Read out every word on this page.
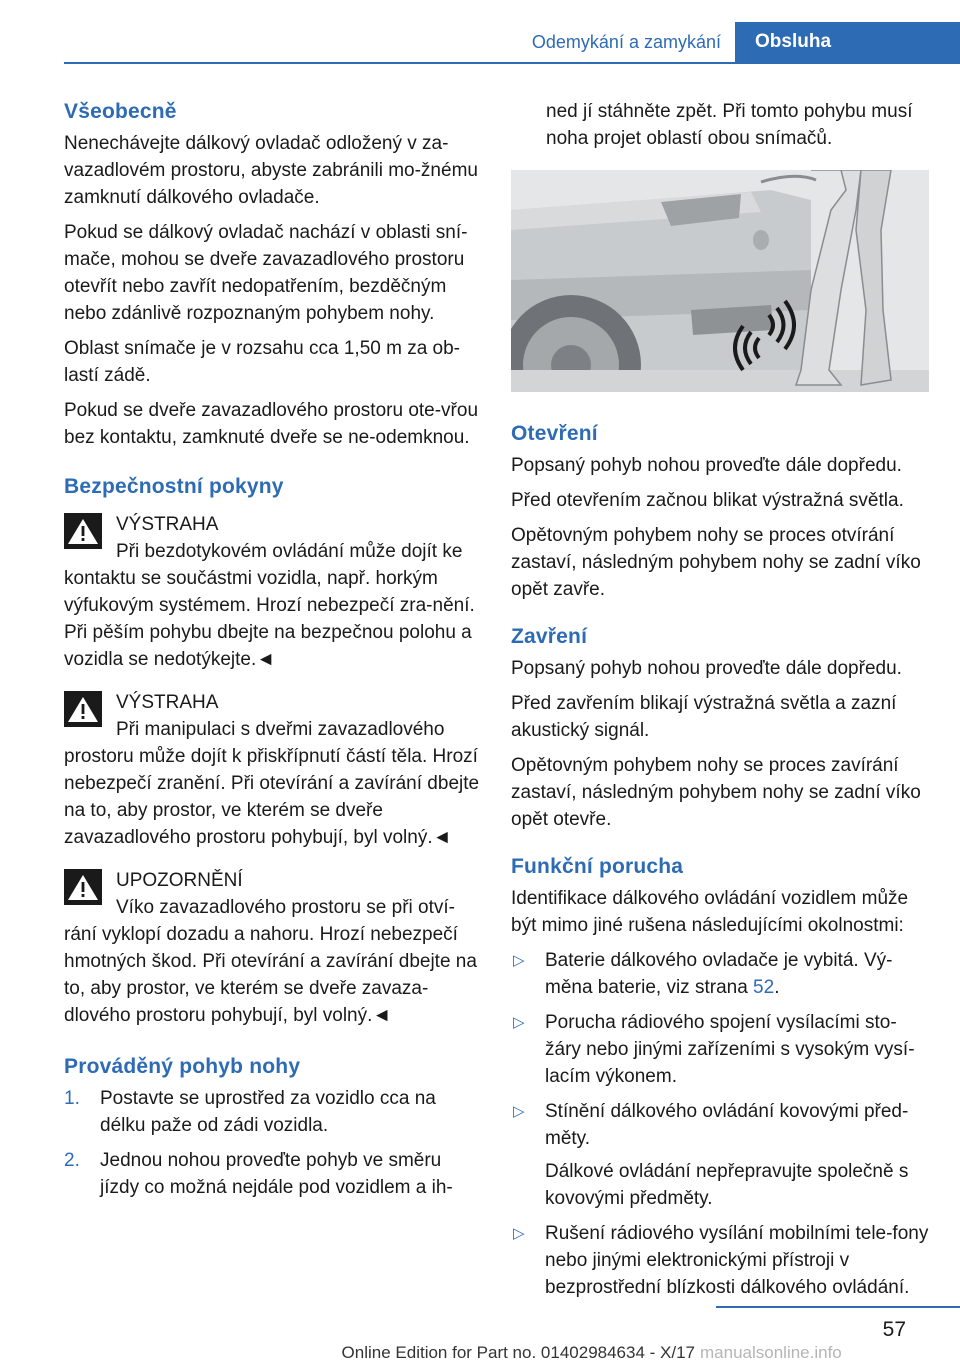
Odemykání a zamykání	Obsluha
Všeobecně

Nenechávejte dálkový ovladač odložený v za-vazadlovém prostoru, abyste zabránili mo-žnému zamknutí dálkového ovladače.

Pokud se dálkový ovladač nachází v oblasti sní-mače, mohou se dveře zavazadlového prostoru otevřít nebo zavřít nedopatřením, bezděčným nebo zdánlivě rozpoznaným pohybem nohy.

Oblast snímače je v rozsahu cca 1,50 m za ob-lastí zádě.

Pokud se dveře zavazadlového prostoru ote-vřou bez kontaktu, zamknuté dveře se ne-odemknou.

Bezpečnostní pokyny
VÝSTRAHA
Při bezdotykovém ovládání může dojít ke

kontaktu se součástmi vozidla, např. horkým výfukovým systémem. Hrozí nebezpečí zra-nění. Při pěším pohybu dbejte na bezpečnou polohu a vozidla se nedotýkejte.◄

VÝSTRAHA
Při manipulaci s dveřmi zavazadlového

prostoru může dojít k přiskřípnutí částí těla. Hrozí nebezpečí zranění. Při otevírání a zavírání dbejte na to, aby prostor, ve kterém se dveře zavazadlového prostoru pohybují, byl volný.◄

UPOZORNĚNÍ
Víko zavazadlového prostoru se při otví-

rání vyklopí dozadu a nahoru. Hrozí nebezpečí hmotných škod. Při otevírání a zavírání dbejte na to, aby prostor, ve kterém se dveře zavaza-dlového prostoru pohybují, byl volný.◄

Prováděný pohyb nohy
1. Postavte se uprostřed za vozidlo cca na délku paže od zádi vozidla.
2. Jednou nohou proveďte pohyb ve směru jízdy co možná nejdále pod vozidlem a ih-

ned jí stáhněte zpět. Při tomto pohybu musí noha projet oblastí obou snímačů.

Otevření

Popsaný pohyb nohou proveďte dále dopředu.

Před otevřením začnou blikat výstražná světla.

Opětovným pohybem nohy se proces otvírání zastaví, následným pohybem nohy se zadní víko opět zavře.

Zavření

Popsaný pohyb nohou proveďte dále dopředu.

Před zavřením blikají výstražná světla a zazní akustický signál.

Opětovným pohybem nohy se proces zavírání zastaví, následným pohybem nohy se zadní víko opět otevře.

Funkční porucha

Identifikace dálkového ovládání vozidlem může být mimo jiné rušena následujícími okolnostmi:

▷ Baterie dálkového ovladače je vybitá. Vý-měna baterie, viz strana 52.
▷ Porucha rádiového spojení vysílacími sto-žáry nebo jinými zařízeními s vysokým vysí-lacím výkonem.
▷ Stínění dálkového ovládání kovovými před-měty.

Dálkové ovládání nepřepravujte společně s kovovými předměty.

▷ Rušení rádiového vysílání mobilními tele-fony nebo jinými elektronickými přístroji v bezprostřední blízkosti dálkového ovládání.
57
Online Edition for Part no. 01402984634 - X/17 manualsonline.info
